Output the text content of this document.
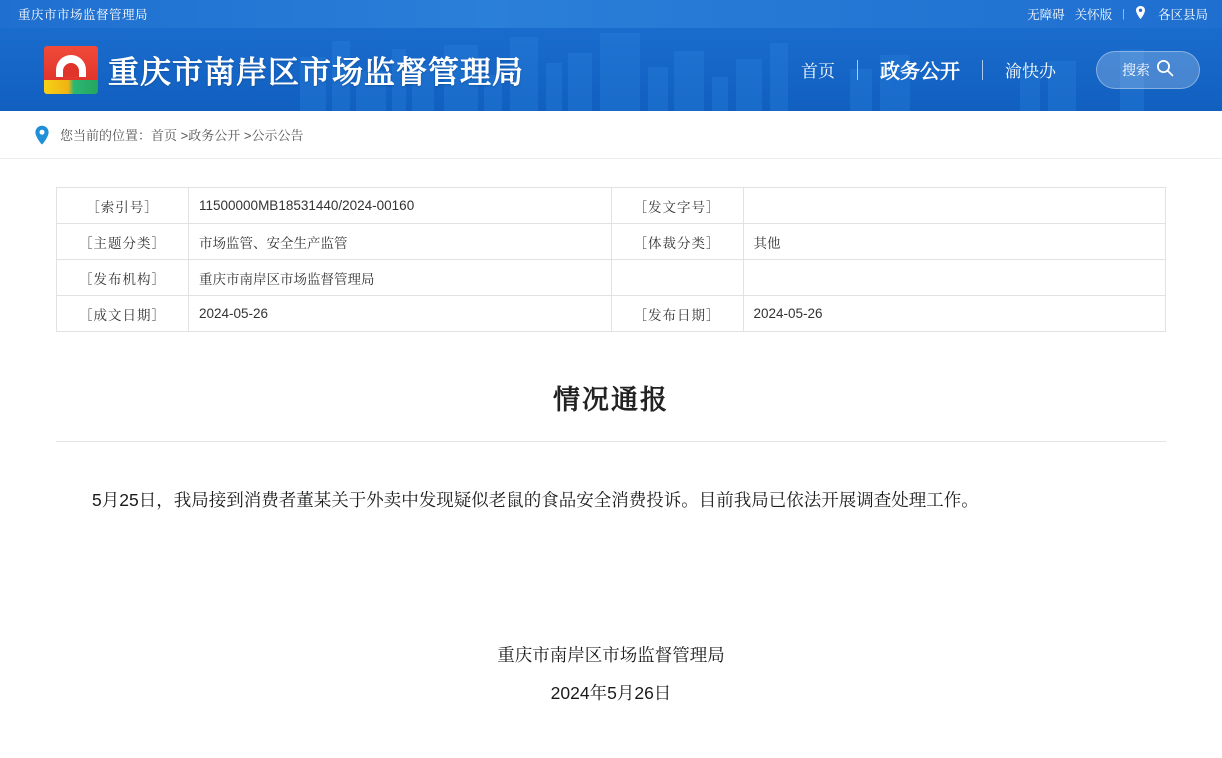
重庆市市场监督管理局	无障碍 关怀版 |	各区县局
重庆市南岸区市场监督管理局	首页	政务公开	渝快办	搜索
您当前的位置：首页 >政务公开 >公示公告
［索引号］	11500000MB18531440/2024-00160	［发文字号］	
［主题分类］	市场监管、安全生产监管	［体裁分类］	其他
［发布机构］	重庆市南岸区市场监督管理局		
［成文日期］	2024-05-26	［发布日期］	2024-05-26
情况通报

5月25日，我局接到消费者董某关于外卖中发现疑似老鼠的食品安全消费投诉。目前我局已依法开展调查处理工作。

重庆市南岸区市场监督管理局
2024年5月26日
